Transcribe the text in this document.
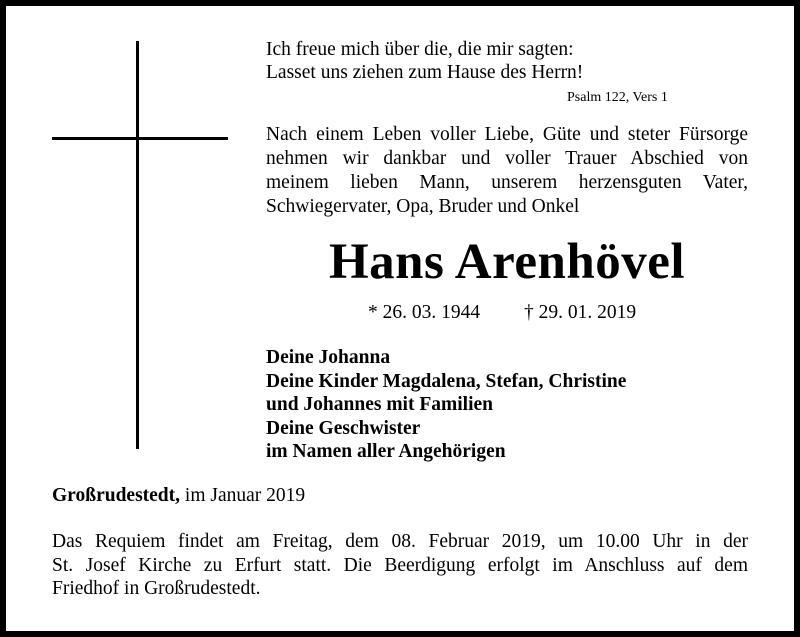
Ich freue mich über die, die mir sagten:
Lasset uns ziehen zum Hause des Herrn!
Psalm 122, Vers 1
Nach einem Leben voller Liebe, Güte und steter Fürsorge
nehmen wir dankbar und voller Trauer Abschied von
meinem lieben Mann, unserem herzensguten Vater,
Schwiegervater, Opa, Bruder und Onkel
Hans Arenhövel
* 26. 03. 1944 † 29. 01. 2019
Deine Johanna
Deine Kinder Magdalena, Stefan, Christine
und Johannes mit Familien
Deine Geschwister
im Namen aller Angehörigen
Großrudestedt, im Januar 2019
Das Requiem findet am Freitag, dem 08. Februar 2019, um 10.00 Uhr in der
St. Josef Kirche zu Erfurt statt. Die Beerdigung erfolgt im Anschluss auf dem
Friedhof in Großrudestedt.
